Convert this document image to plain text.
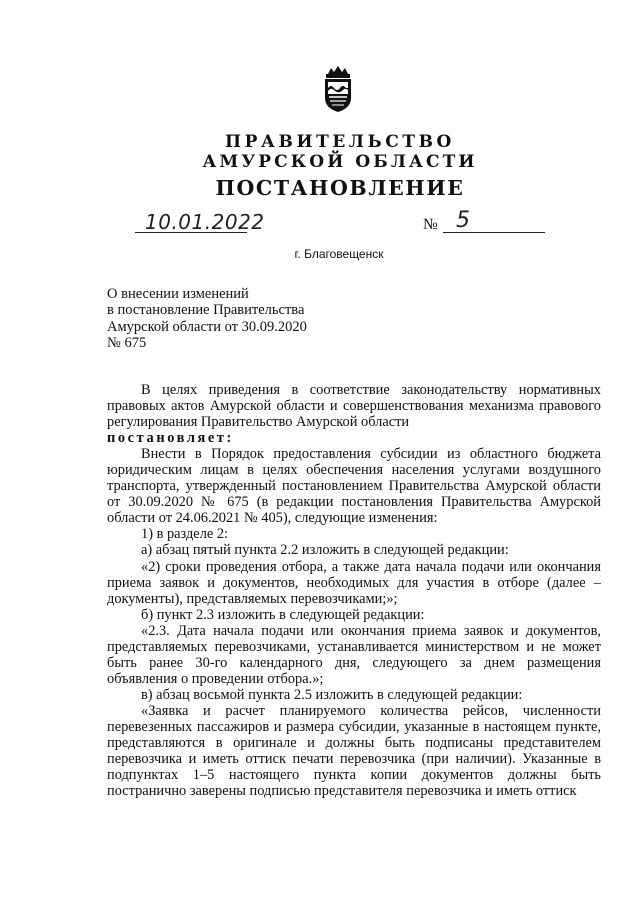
ПРАВИТЕЛЬСТВО
АМУРСКОЙ ОБЛАСТИ
ПОСТАНОВЛЕНИЕ
10.01.2022	№ 5
г. Благовещенск
О внесении изменений
в постановление Правительства
Амурской области от 30.09.2020
№ 675

В целях приведения в соответствие законодательству нормативных правовых актов Амурской области и совершенствования механизма правового регулирования Правительство Амурской области

постановляет:

Внести в Порядок предоставления субсидии из областного бюджета юридическим лицам в целях обеспечения населения услугами воздушного транспорта, утвержденный постановлением Правительства Амурской области от 30.09.2020 № 675 (в редакции постановления Правительства Амурской области от 24.06.2021 № 405), следующие изменения:

1) в разделе 2:

а) абзац пятый пункта 2.2 изложить в следующей редакции:

«2) сроки проведения отбора, а также дата начала подачи или окончания приема заявок и документов, необходимых для участия в отборе (далее – документы), представляемых перевозчиками;»;

б) пункт 2.3 изложить в следующей редакции:

«2.3. Дата начала подачи или окончания приема заявок и документов, представляемых перевозчиками, устанавливается министерством и не может быть ранее 30-го календарного дня, следующего за днем размещения объявления о проведении отбора.»;

в) абзац восьмой пункта 2.5 изложить в следующей редакции:

«Заявка и расчет планируемого количества рейсов, численности перевезенных пассажиров и размера субсидии, указанные в настоящем пункте, представляются в оригинале и должны быть подписаны представителем перевозчика и иметь оттиск печати перевозчика (при наличии). Указанные в подпунктах 1–5 настоящего пункта копии документов должны быть постранично заверены подписью представителя перевозчика и иметь оттиск
